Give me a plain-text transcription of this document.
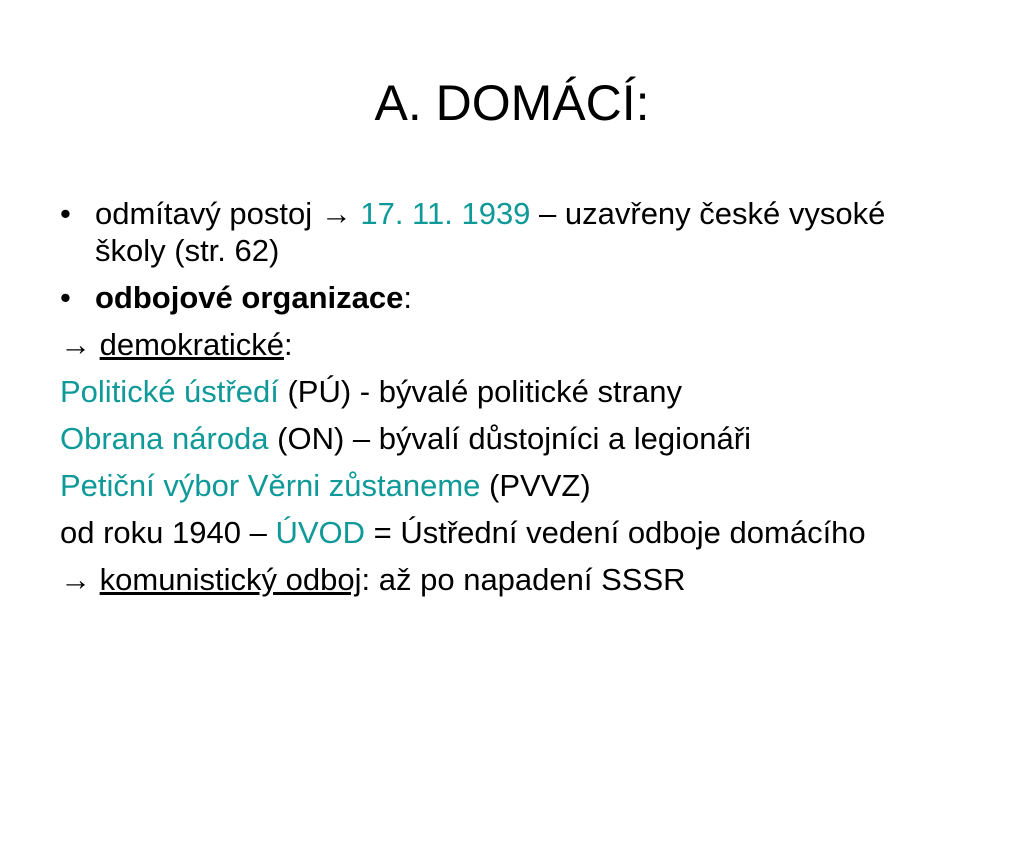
A. DOMÁCÍ:
• odmítavý postoj → 17. 11. 1939 – uzavřeny české vysoké školy (str. 62)
• odbojové organizace:
→ demokratické:
Politické ústředí (PÚ) - bývalé politické strany
Obrana národa (ON) – bývalí důstojníci a legionáři
Petiční výbor Věrni zůstaneme (PVVZ)
od roku 1940 – ÚVOD = Ústřední vedení odboje domácího
→ komunistický odboj: až po napadení SSSR
